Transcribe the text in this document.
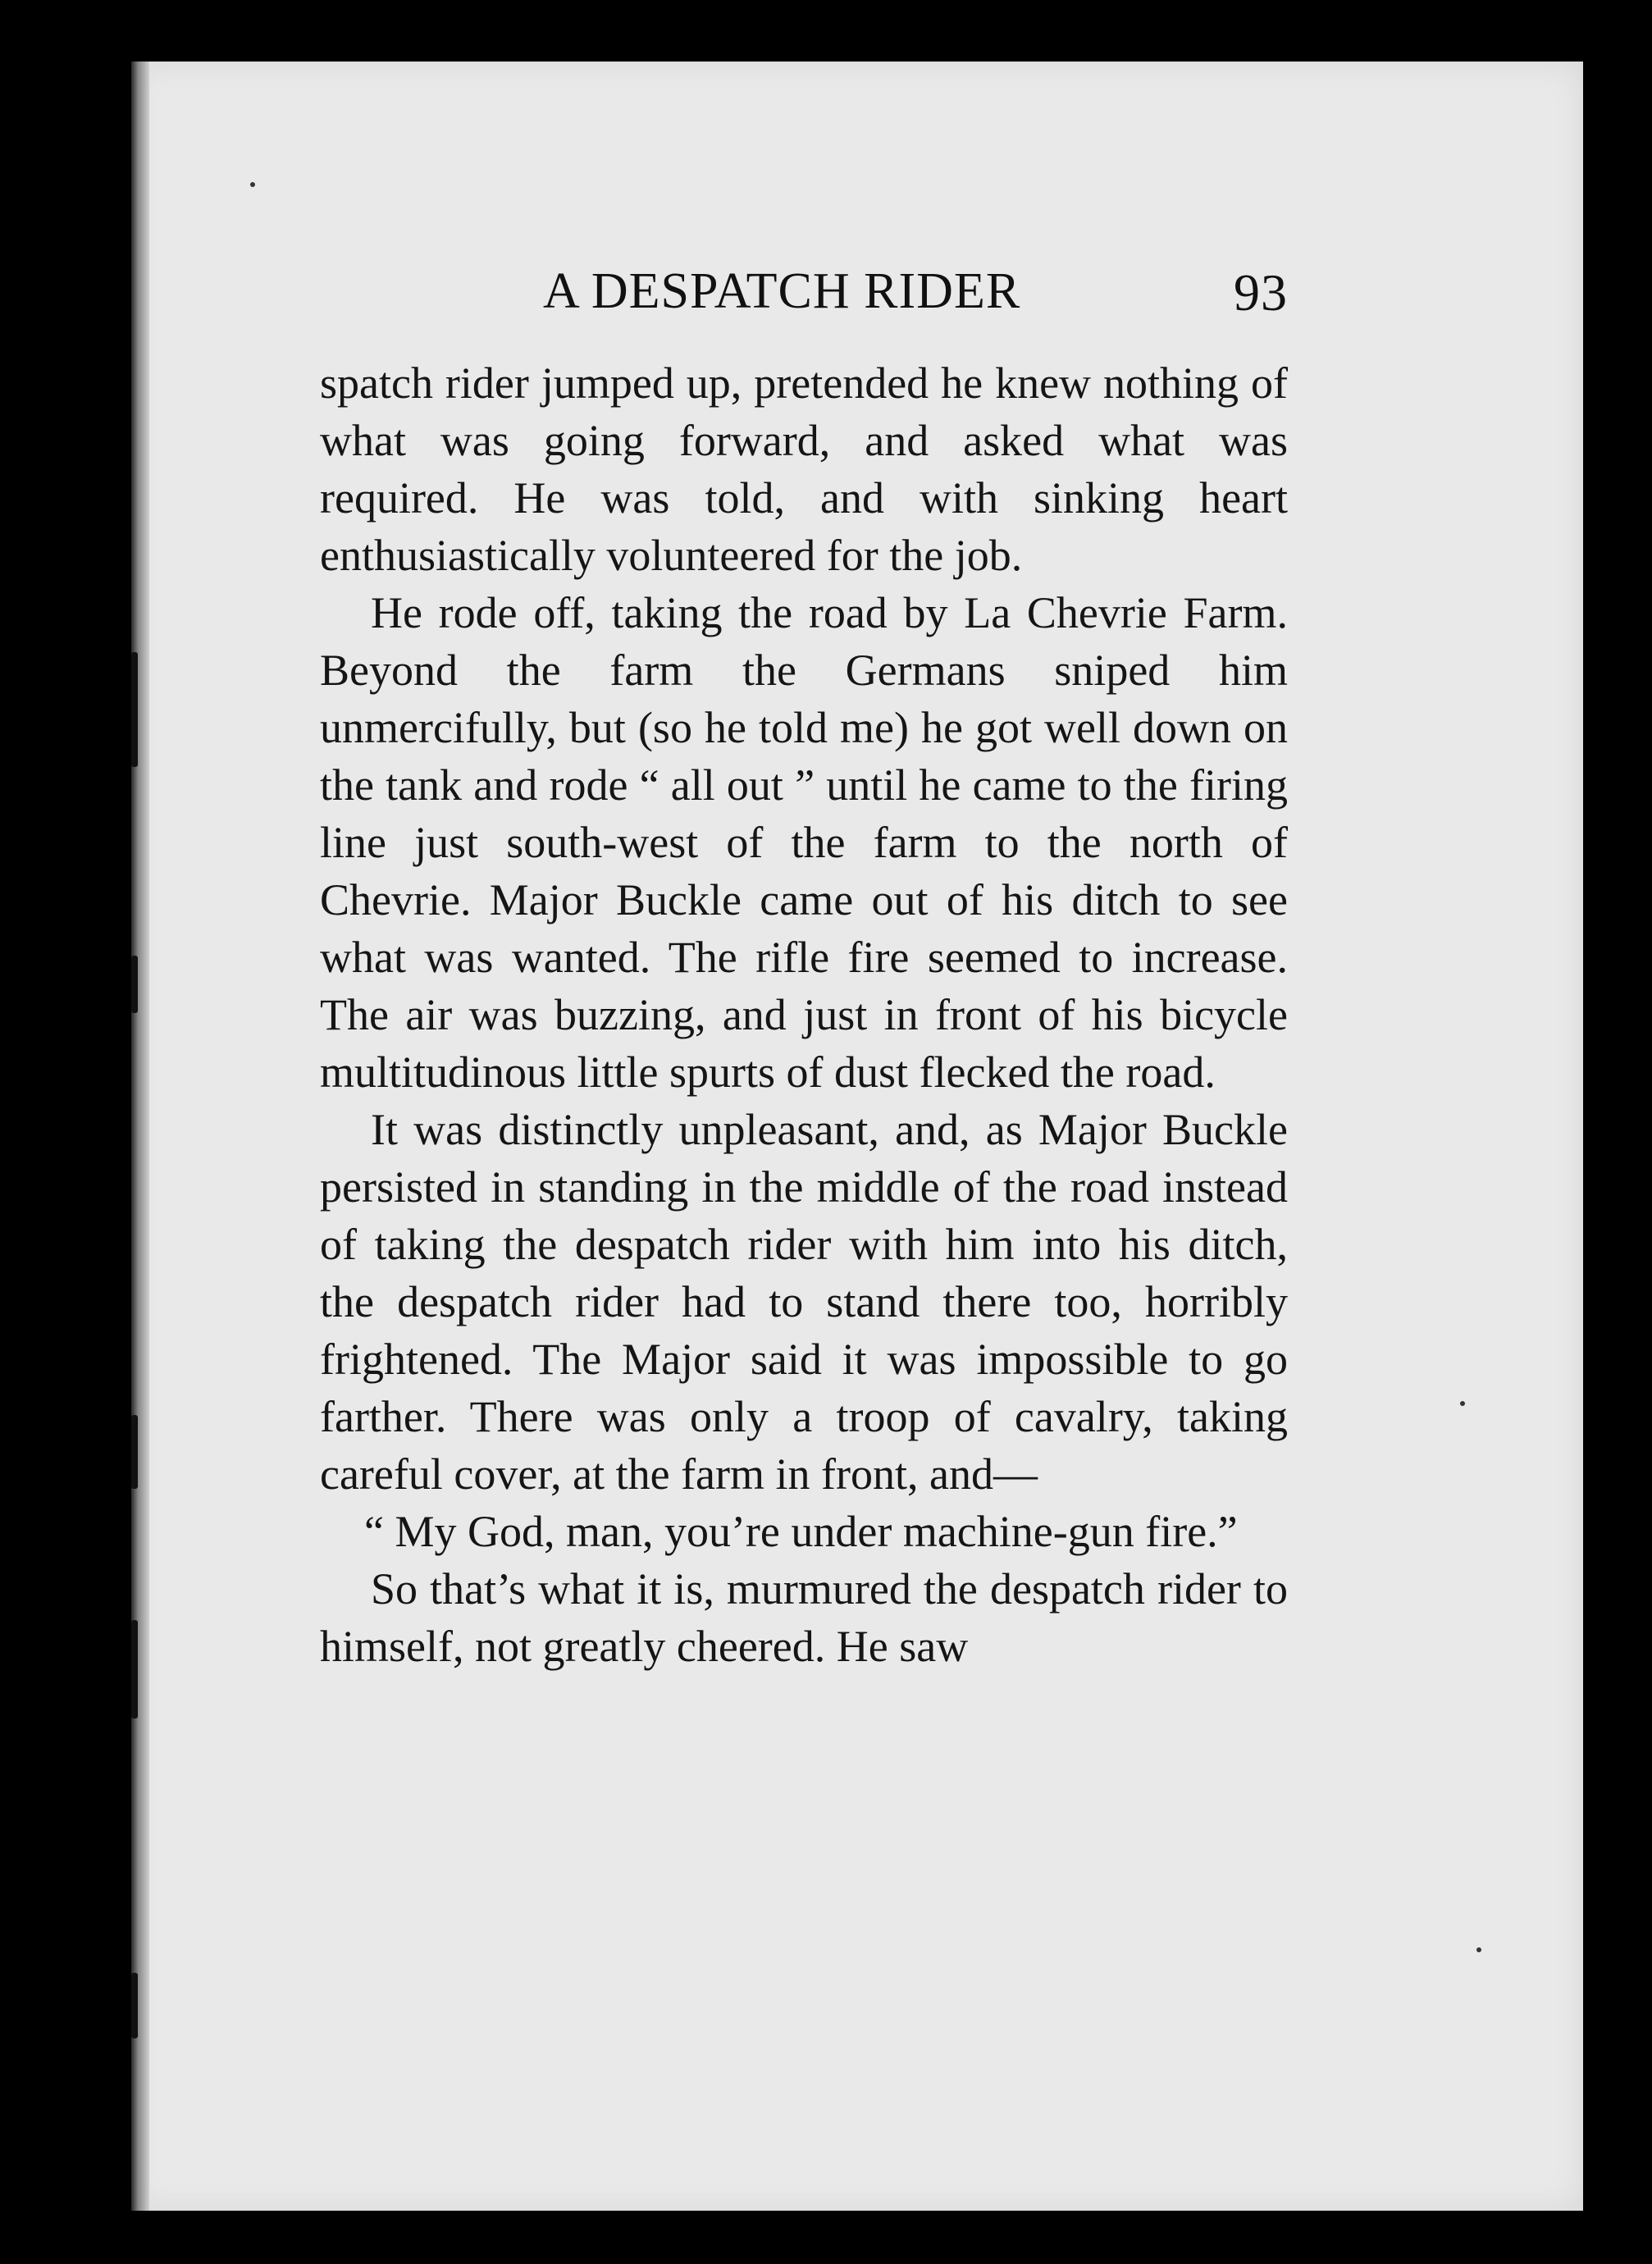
A DESPATCH RIDER	93

spatch rider jumped up, pretended he knew nothing of what was going forward, and asked what was required. He was told, and with sinking heart enthusiastically volunteered for the job.

He rode off, taking the road by La Chevrie Farm. Beyond the farm the Germans sniped him unmercifully, but (so he told me) he got well down on the tank and rode “ all out ” until he came to the firing line just south-west of the farm to the north of Chevrie. Major Buckle came out of his ditch to see what was wanted. The rifle fire seemed to increase. The air was buzzing, and just in front of his bicycle multitudinous little spurts of dust flecked the road.

It was distinctly unpleasant, and, as Major Buckle persisted in standing in the middle of the road instead of taking the despatch rider with him into his ditch, the despatch rider had to stand there too, horribly frightened. The Major said it was impossible to go farther. There was only a troop of cavalry, taking careful cover, at the farm in front, and—

“ My God, man, you’re under machine-gun fire.”

So that’s what it is, murmured the despatch rider to himself, not greatly cheered. He saw
